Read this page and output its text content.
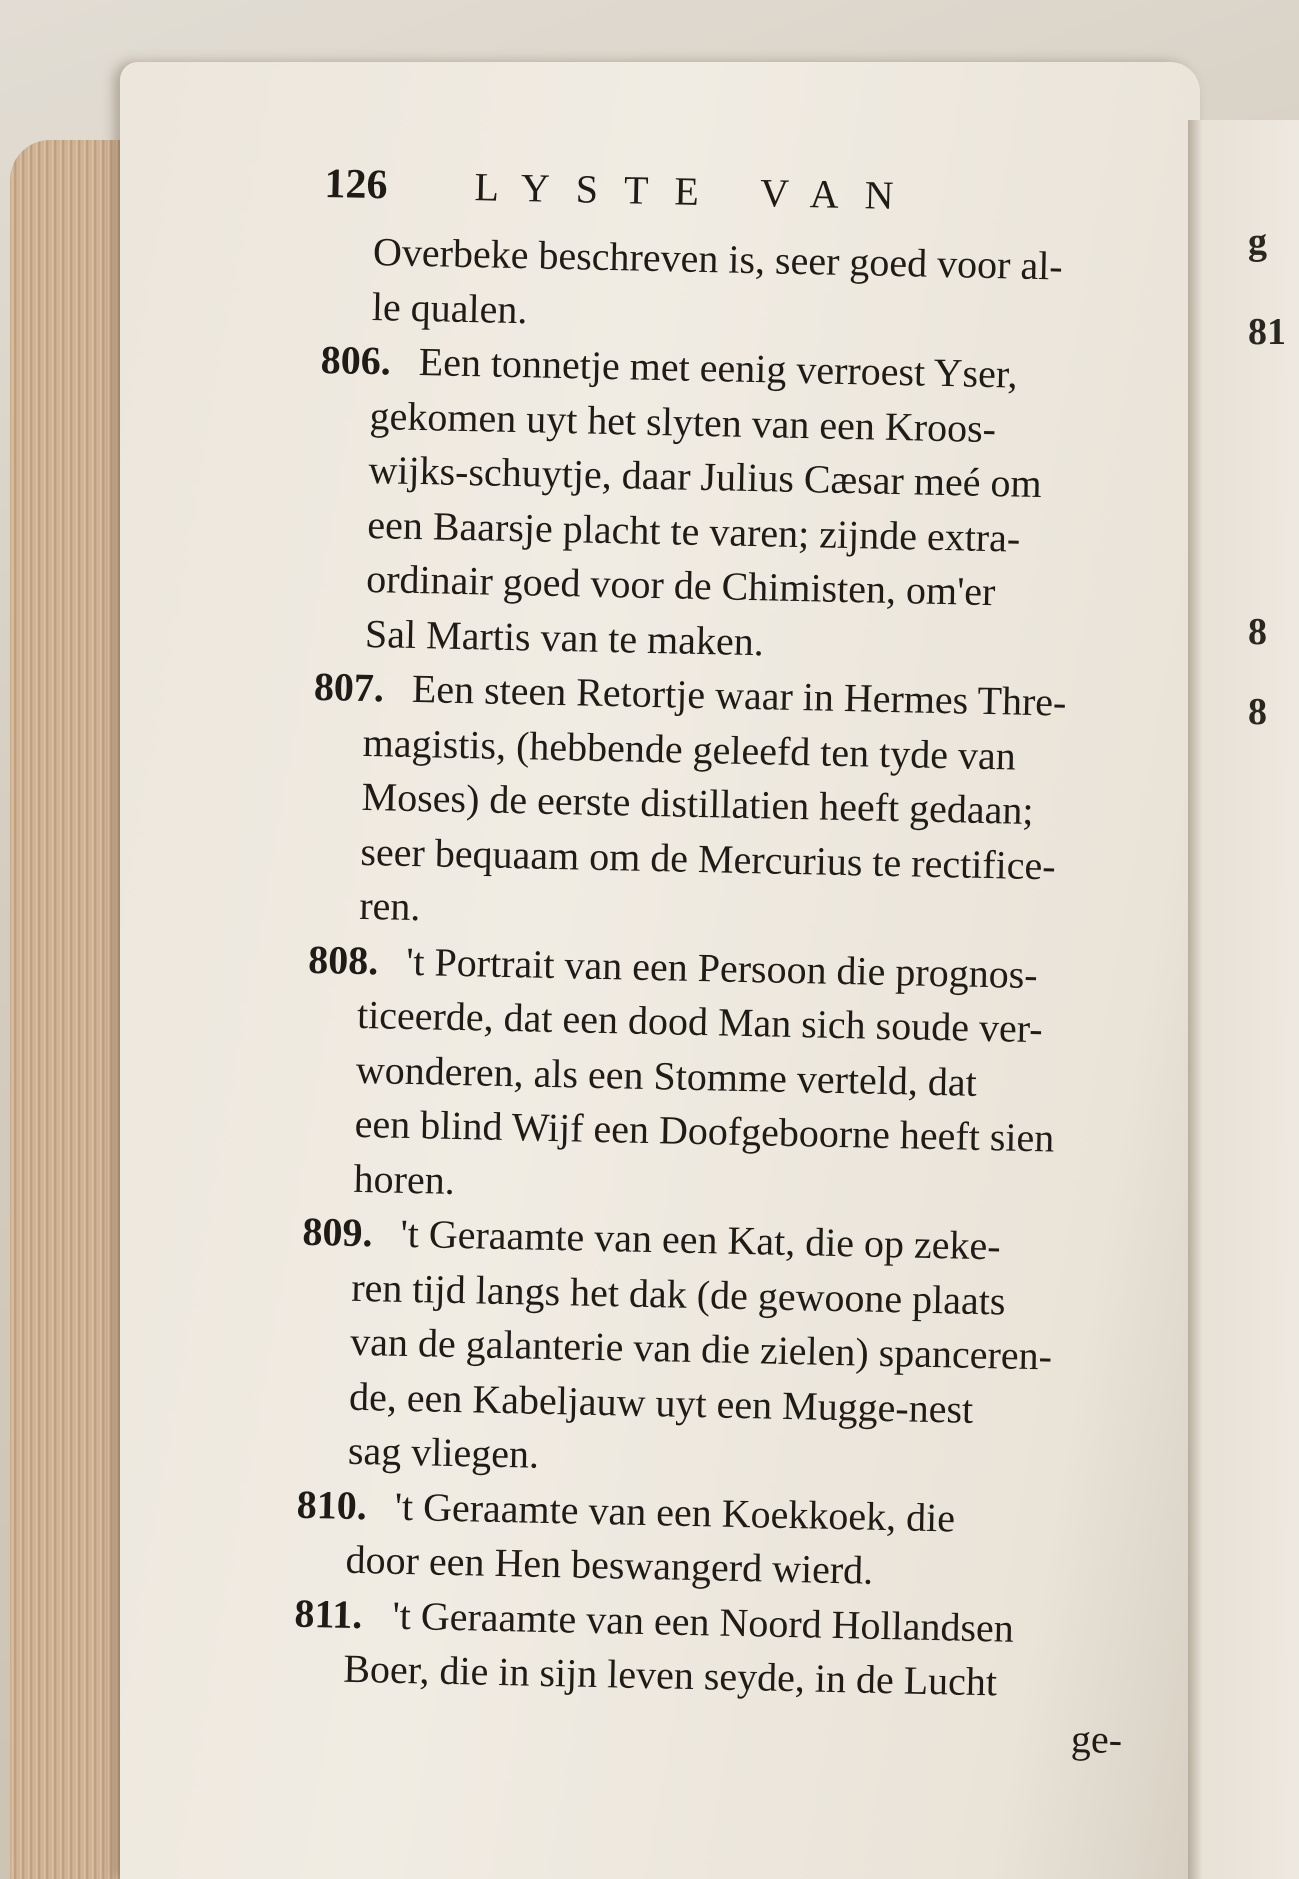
g
81
8
8
126	LYSTE VAN
Overbeke beschreven is, seer goed voor al-
le qualen.
806. Een tonnetje met eenig verroest Yser,
gekomen uyt het slyten van een Kroos-
wijks-schuytje, daar Julius Cæsar meé om
een Baarsje placht te varen; zijnde extra-
ordinair goed voor de Chimisten, om'er
Sal Martis van te maken.
807. Een steen Retortje waar in Hermes Thre-
magistis, (hebbende geleefd ten tyde van
Moses) de eerste distillatien heeft gedaan;
seer bequaam om de Mercurius te rectifice-
ren.
808. 't Portrait van een Persoon die prognos-
ticeerde, dat een dood Man sich soude ver-
wonderen, als een Stomme verteld, dat
een blind Wijf een Doofgeboorne heeft sien
horen.
809. 't Geraamte van een Kat, die op zeke-
ren tijd langs het dak (de gewoone plaats
van de galanterie van die zielen) spanceren-
de, een Kabeljauw uyt een Mugge-nest
sag vliegen.
810. 't Geraamte van een Koekkoek, die
door een Hen beswangerd wierd.
811. 't Geraamte van een Noord Hollandsen
Boer, die in sijn leven seyde, in de Lucht
ge-
